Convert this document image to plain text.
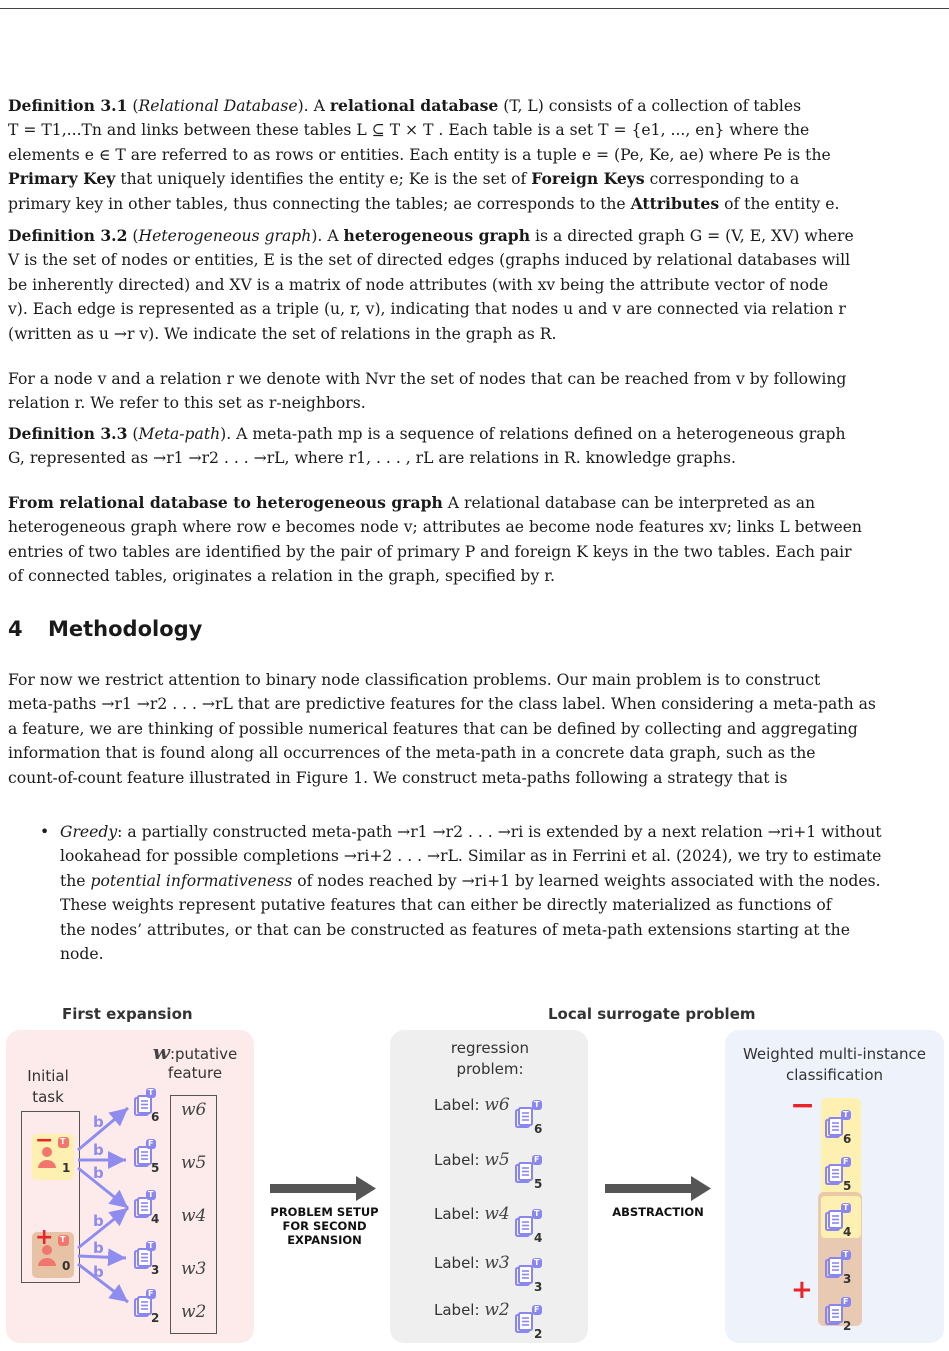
Definition 3.1 (Relational Database). A relational database (T, L) consists of a collection of tables

T = T1,...Tn and links between these tables L ⊆ T × T . Each table is a set T = {e1, ..., en} where the

elements e ∈ T are referred to as rows or entities. Each entity is a tuple e = (Pe, Ke, ae) where Pe is the

Primary Key that uniquely identifies the entity e; Ke is the set of Foreign Keys corresponding to a

primary key in other tables, thus connecting the tables; ae corresponds to the Attributes of the entity e.

Definition 3.2 (Heterogeneous graph). A heterogeneous graph is a directed graph G = (V, E, XV) where

V is the set of nodes or entities, E is the set of directed edges (graphs induced by relational databases will

be inherently directed) and XV is a matrix of node attributes (with xv being the attribute vector of node

v). Each edge is represented as a triple (u, r, v), indicating that nodes u and v are connected via relation r

(written as u →r v). We indicate the set of relations in the graph as R.

For a node v and a relation r we denote with Nvr the set of nodes that can be reached from v by following

relation r. We refer to this set as r-neighbors.

Definition 3.3 (Meta-path). A meta-path mp is a sequence of relations defined on a heterogeneous graph

G, represented as →r1 →r2 . . . →rL, where r1, . . . , rL are relations in R. knowledge graphs.

From relational database to heterogeneous graph A relational database can be interpreted as an

heterogeneous graph where row e becomes node v; attributes ae become node features xv; links L between

entries of two tables are identified by the pair of primary P and foreign K keys in the two tables. Each pair

of connected tables, originates a relation in the graph, specified by r.

4 Methodology

For now we restrict attention to binary node classification problems. Our main problem is to construct

meta-paths →r1 →r2 . . . →rL that are predictive features for the class label. When considering a meta-path as

a feature, we are thinking of possible numerical features that can be defined by collecting and aggregating

information that is found along all occurrences of the meta-path in a concrete data graph, such as the

count-of-count feature illustrated in Figure 1. We construct meta-paths following a strategy that is

• Greedy: a partially constructed meta-path →r1 →r2 . . . →ri is extended by a next relation →ri+1 without

lookahead for possible completions →ri+2 . . . →rL. Similar as in Ferrini et al. (2024), we try to estimate

the potential informativeness of nodes reached by →ri+1 by learned weights associated with the nodes.

These weights represent putative features that can either be directly materialized as functions of

the nodes’ attributes, or that can be constructed as features of meta-path extensions starting at the

node.

First expansion	Local surrogate problem
w:putative
feature
Initial
task
w6
w5
w4
w3
w2
−
1
T
+
0
T
b
b
b
b
b
b
6
5
4
3
2
T
F
T
T
F
PROBLEM SETUP
FOR SECOND
EXPANSION
ABSTRACTION
regression
problem:
Label: w6
Label: w5
Label: w4
Label: w3
Label: w2
6
5
4
3
2
T
F
T
T
F
Weighted multi-instance
classification
−
+
6
5
4
3
2
T
F
T
T
F
